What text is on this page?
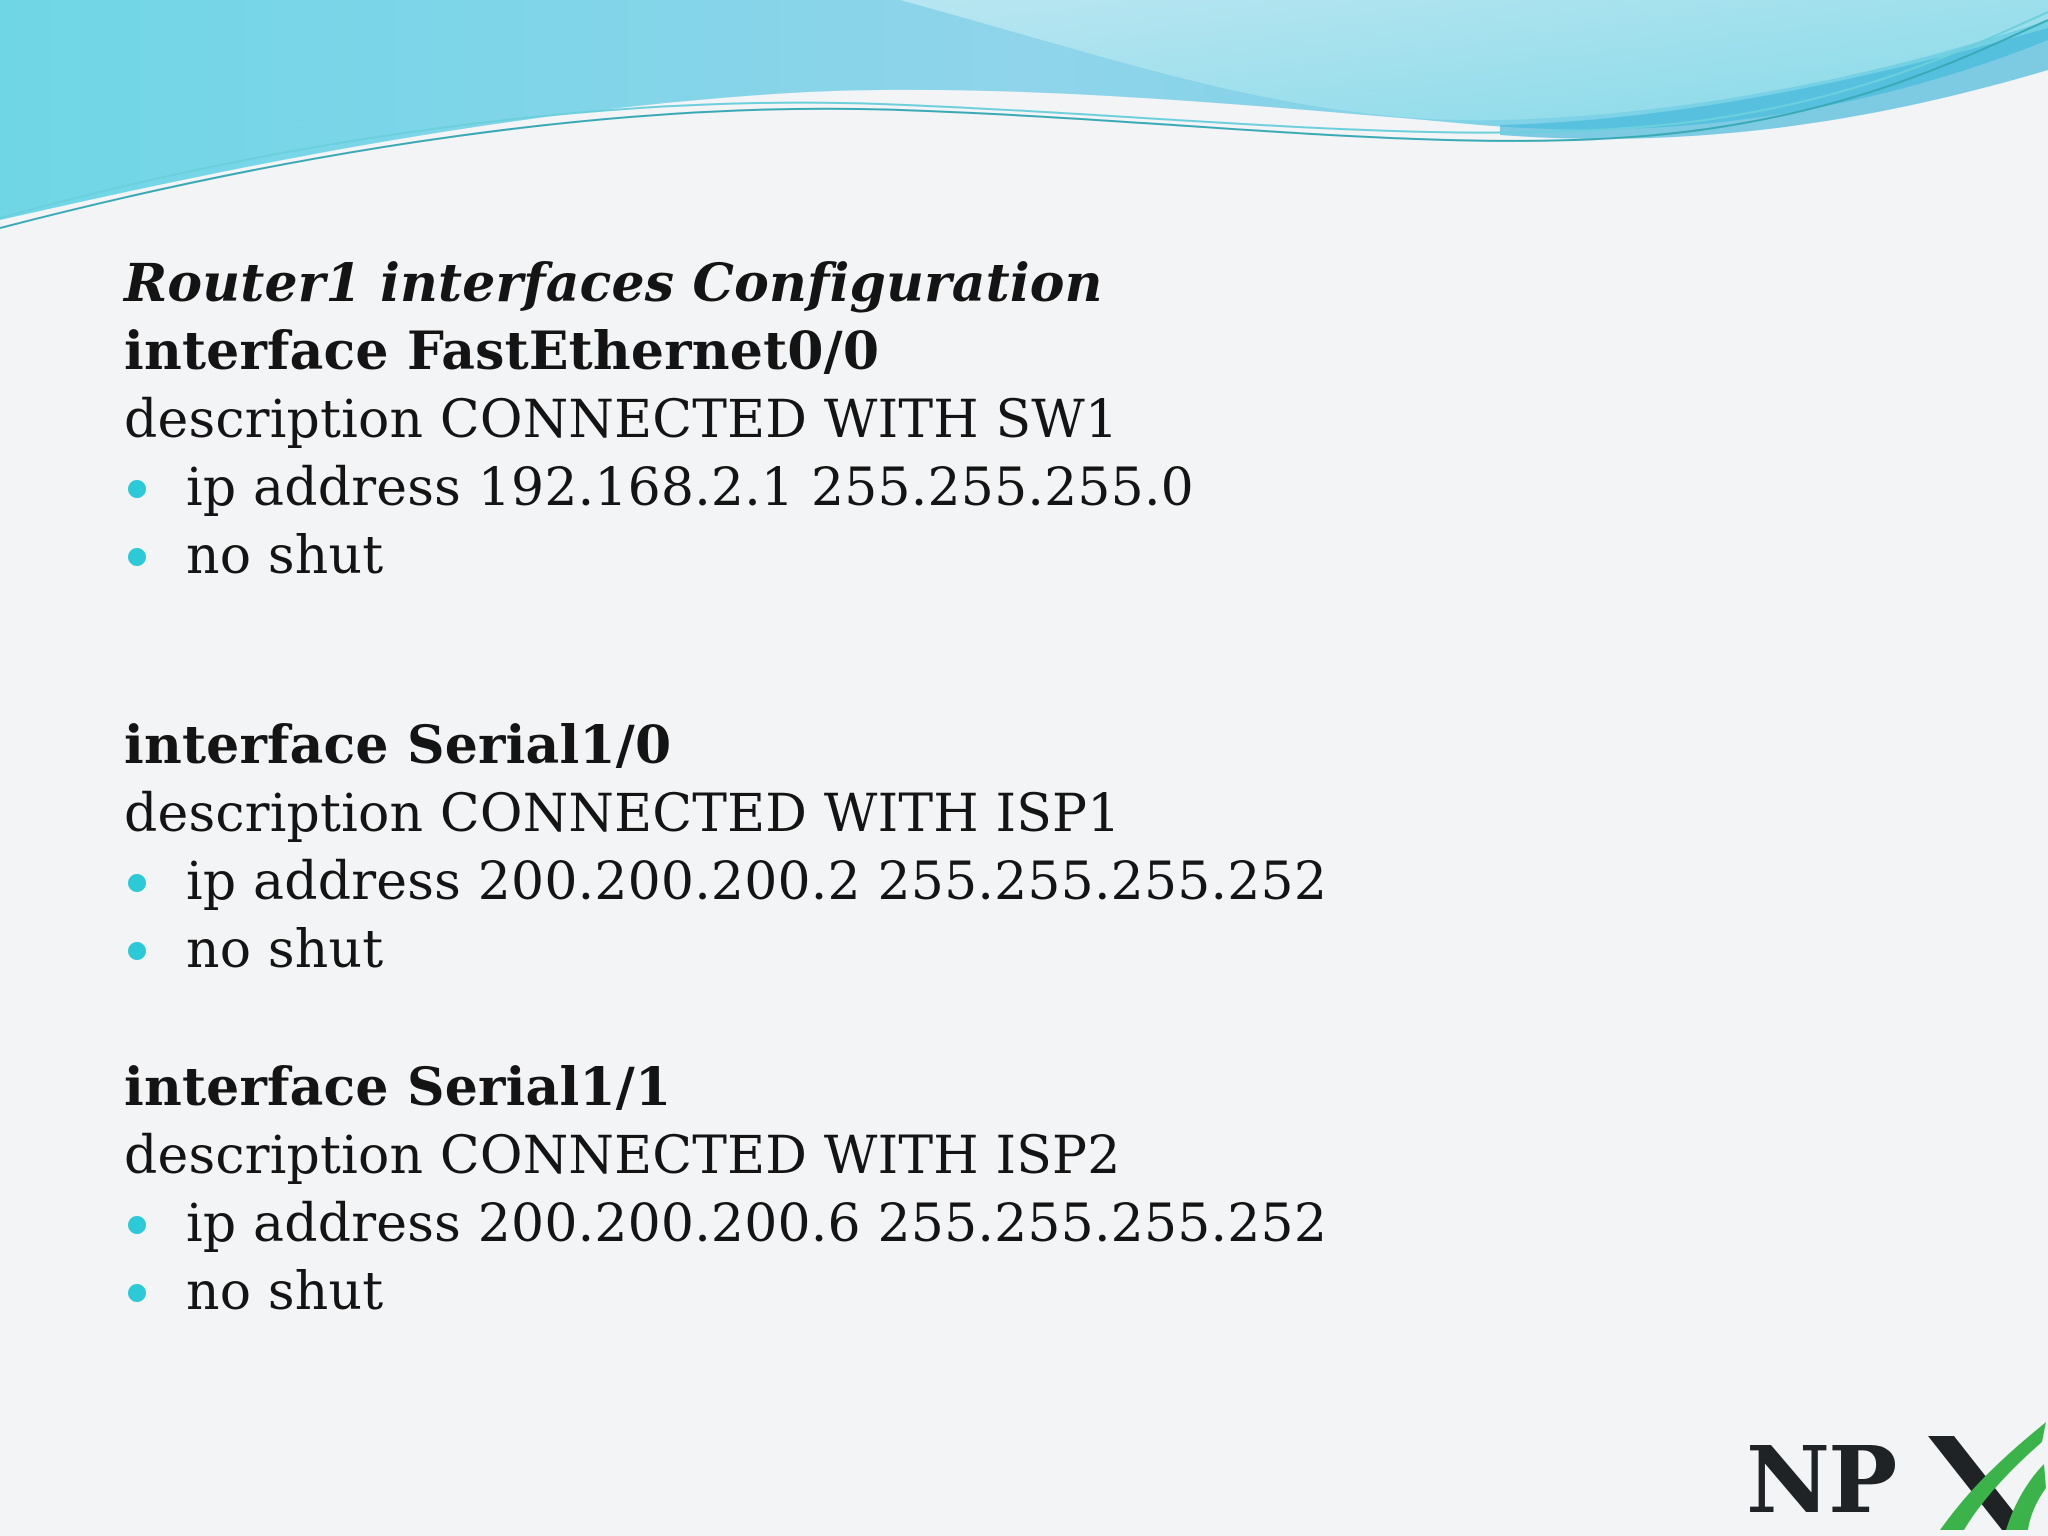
Router1 interfaces Configuration
interface FastEthernet0/0
description CONNECTED WITH SW1
ip address 192.168.2.1 255.255.255.0
no shut
interface Serial1/0
description CONNECTED WITH ISP1
ip address 200.200.200.2 255.255.255.252
no shut
interface Serial1/1
description CONNECTED WITH ISP2
ip address 200.200.200.6 255.255.255.252
no shut
NP
